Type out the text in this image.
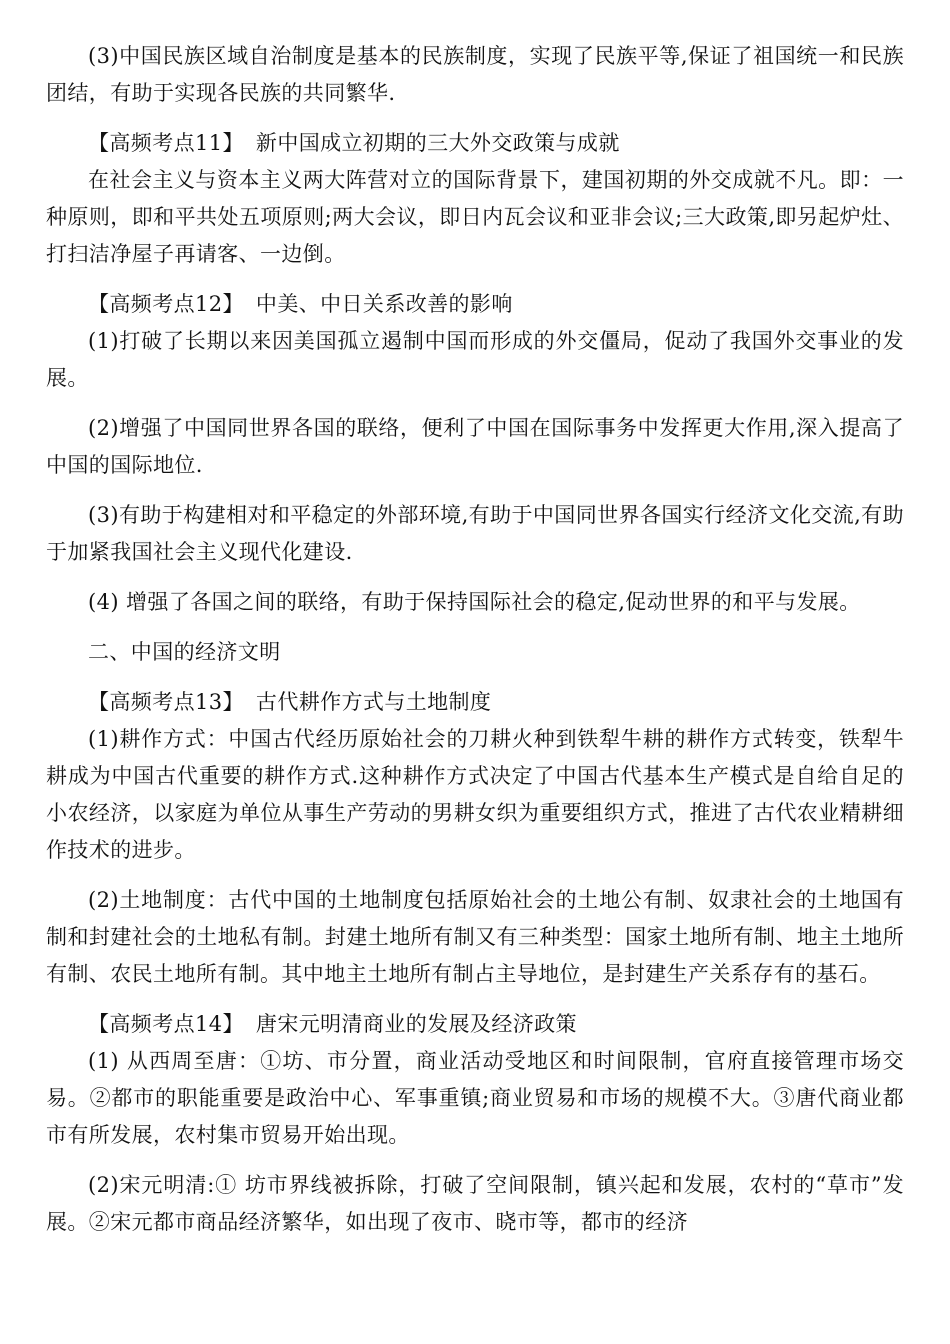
(3)中国民族区域自治制度是基本的民族制度，实现了民族平等,保证了祖国统一和民族团结，有助于实现各民族的共同繁华.

【高频考点11】 新中国成立初期的三大外交政策与成就

在社会主义与资本主义两大阵营对立的国际背景下，建国初期的外交成就不凡。即：一种原则，即和平共处五项原则;两大会议，即日内瓦会议和亚非会议;三大政策,即另起炉灶、打扫洁净屋子再请客、一边倒。

【高频考点12】 中美、中日关系改善的影响

(1)打破了长期以来因美国孤立遏制中国而形成的外交僵局，促动了我国外交事业的发展。

(2)增强了中国同世界各国的联络，便利了中国在国际事务中发挥更大作用,深入提高了中国的国际地位.

(3)有助于构建相对和平稳定的外部环境,有助于中国同世界各国实行经济文化交流,有助于加紧我国社会主义现代化建设.

(4) 增强了各国之间的联络，有助于保持国际社会的稳定,促动世界的和平与发展。

二、中国的经济文明
【高频考点13】 古代耕作方式与土地制度

(1)耕作方式：中国古代经历原始社会的刀耕火种到铁犁牛耕的耕作方式转变，铁犁牛耕成为中国古代重要的耕作方式.这种耕作方式决定了中国古代基本生产模式是自给自足的小农经济，以家庭为单位从事生产劳动的男耕女织为重要组织方式，推进了古代农业精耕细作技术的进步。

(2)土地制度：古代中国的土地制度包括原始社会的土地公有制、奴隶社会的土地国有制和封建社会的土地私有制。封建土地所有制又有三种类型：国家土地所有制、地主土地所有制、农民土地所有制。其中地主土地所有制占主导地位，是封建生产关系存有的基石。

【高频考点14】 唐宋元明清商业的发展及经济政策

(1) 从西周至唐：①坊、市分置，商业活动受地区和时间限制，官府直接管理市场交易。②都市的职能重要是政治中心、军事重镇;商业贸易和市场的规模不大。③唐代商业都市有所发展，农村集市贸易开始出现。

(2)宋元明清:① 坊市界线被拆除，打破了空间限制，镇兴起和发展，农村的“草市”发展。②宋元都市商品经济繁华，如出现了夜市、晓市等，都市的经济
